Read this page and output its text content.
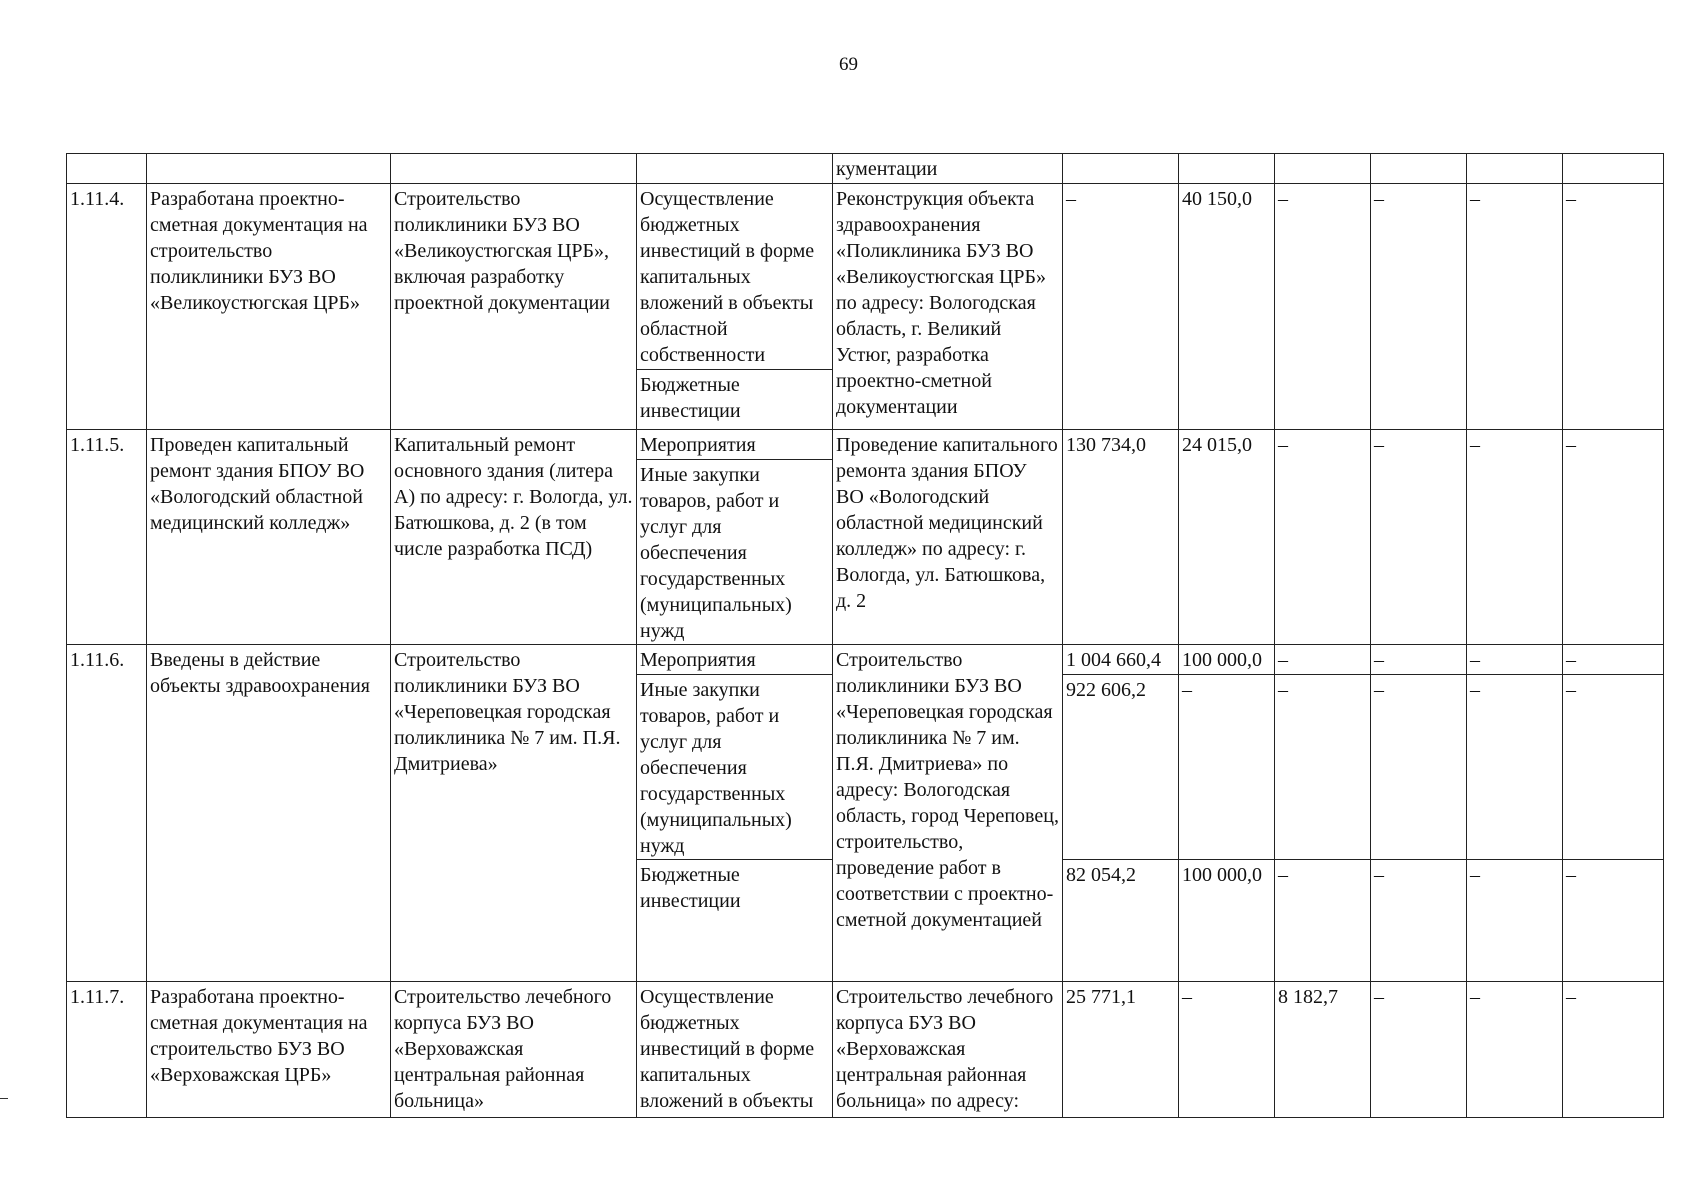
69
				кументации						
1.11.4.	Разработана проектно-сметная документация на строительство поликлиники БУЗ ВО «Великоустюгская ЦРБ»	Строительство поликлиники БУЗ ВО «Великоустюгская ЦРБ», включая разработку проектной документации	Осуществление бюджетных инвестиций в форме капитальных вложений в объекты областной собственности	Реконструкция объекта здравоохранения «Поликлиника БУЗ ВО «Великоустюгская ЦРБ» по адресу: Вологодская область, г. Великий Устюг, разработка проектно-сметной документации	–	40 150,0	–	–	–	–
			Бюджетные инвестиции							
1.11.5.	Проведен капитальный ремонт здания БПОУ ВО «Вологодский областной медицинский колледж»	Капитальный ремонт основного здания (литера А) по адресу: г. Вологда, ул. Батюшкова, д. 2 (в том числе разработка ПСД)	Мероприятия	Проведение капитального ремонта здания БПОУ ВО «Вологодский областной медицинский колледж» по адресу: г. Вологда, ул. Батюшкова, д. 2	130 734,0	24 015,0	–	–	–	–
			Иные закупки товаров, работ и услуг для обеспечения государственных (муниципальных) нужд							
1.11.6.	Введены в действие объекты здравоохранения	Строительство поликлиники БУЗ ВО «Череповецкая городская поликлиника № 7 им. П.Я. Дмитриева»	Мероприятия	Строительство поликлиники БУЗ ВО «Череповецкая городская поликлиника № 7 им. П.Я. Дмитриева» по адресу: Вологодская область, город Череповец, строительство, проведение работ в соответствии с проектно-сметной документацией	1 004 660,4	100 000,0	–	–	–	–
			Иные закупки товаров, работ и услуг для обеспечения государственных (муниципальных) нужд		922 606,2	–	–	–	–	–
			Бюджетные инвестиции		82 054,2	100 000,0	–	–	–	–
1.11.7.	Разработана проектно-сметная документация на строительство БУЗ ВО «Верховажская ЦРБ»	Строительство лечебного корпуса БУЗ ВО «Верховажская центральная районная больница»	Осуществление бюджетных инвестиций в форме капитальных вложений в объекты	Строительство лечебного корпуса БУЗ ВО «Верховажская центральная районная больница» по адресу:	25 771,1	–	8 182,7	–	–	–
